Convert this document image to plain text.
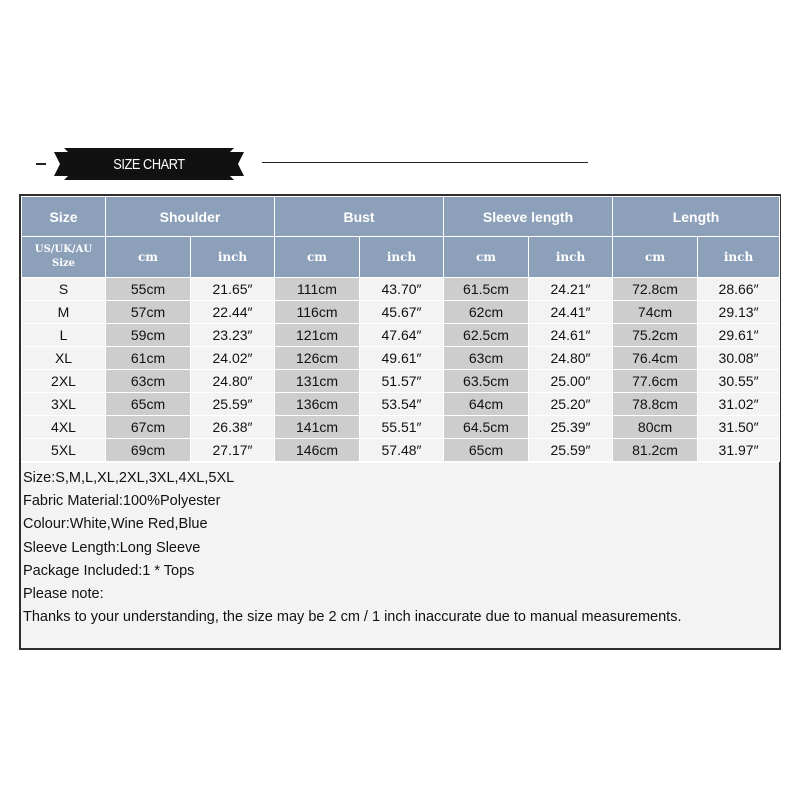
SIZE CHART
Size	Shoulder		Bust		Sleeve length		Length	

US/UK/AU
Size	cm	inch	cm	inch	cm	inch	cm	inch
S	55cm	21.65″	111cm	43.70″	61.5cm	24.21″	72.8cm	28.66″
M	57cm	22.44″	116cm	45.67″	62cm	24.41″	74cm	29.13″
L	59cm	23.23″	121cm	47.64″	62.5cm	24.61″	75.2cm	29.61″
XL	61cm	24.02″	126cm	49.61″	63cm	24.80″	76.4cm	30.08″
2XL	63cm	24.80″	131cm	51.57″	63.5cm	25.00″	77.6cm	30.55″
3XL	65cm	25.59″	136cm	53.54″	64cm	25.20″	78.8cm	31.02″
4XL	67cm	26.38″	141cm	55.51″	64.5cm	25.39″	80cm	31.50″
5XL	69cm	27.17″	146cm	57.48″	65cm	25.59″	81.2cm	31.97″
Size:S,M,L,XL,2XL,3XL,4XL,5XL
Fabric Material:100%Polyester
Colour:White,Wine Red,Blue
Sleeve Length:Long Sleeve
Package Included:1 * Tops
Please note:
Thanks to your understanding, the size may be 2 cm / 1 inch inaccurate due to manual measurements.
